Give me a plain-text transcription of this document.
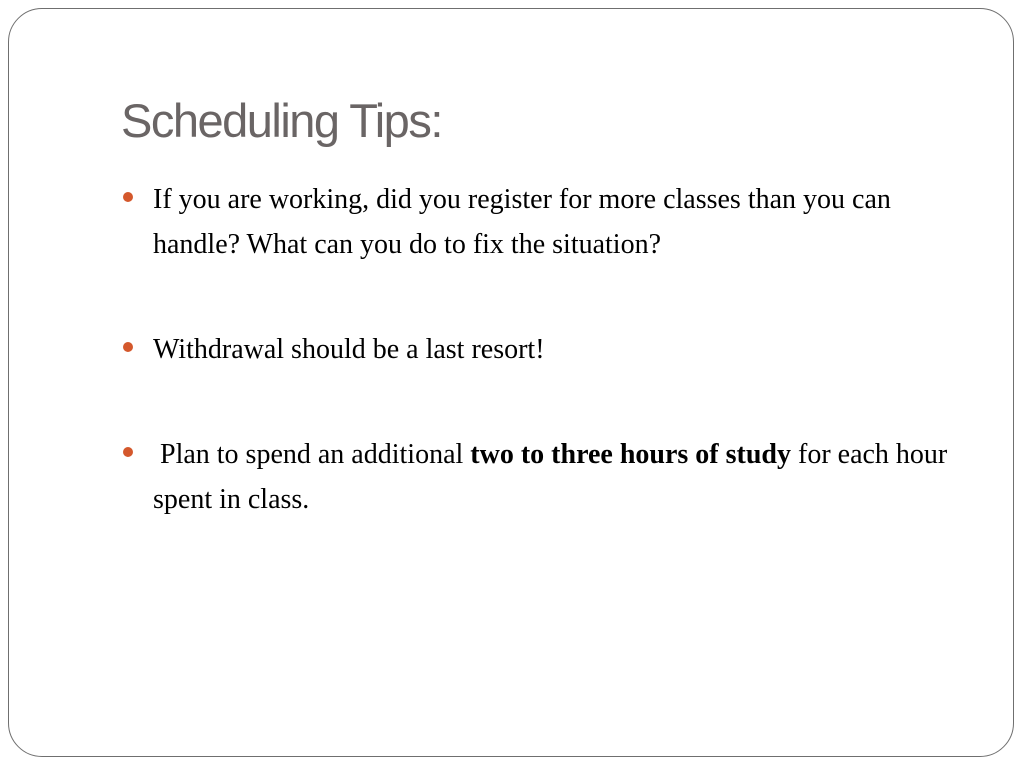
Scheduling Tips:
If you are working, did you register for more classes than you can handle? What can you do to fix the situation?
Withdrawal should be a last resort!
Plan to spend an additional two to three hours of study for each hour spent in class.
